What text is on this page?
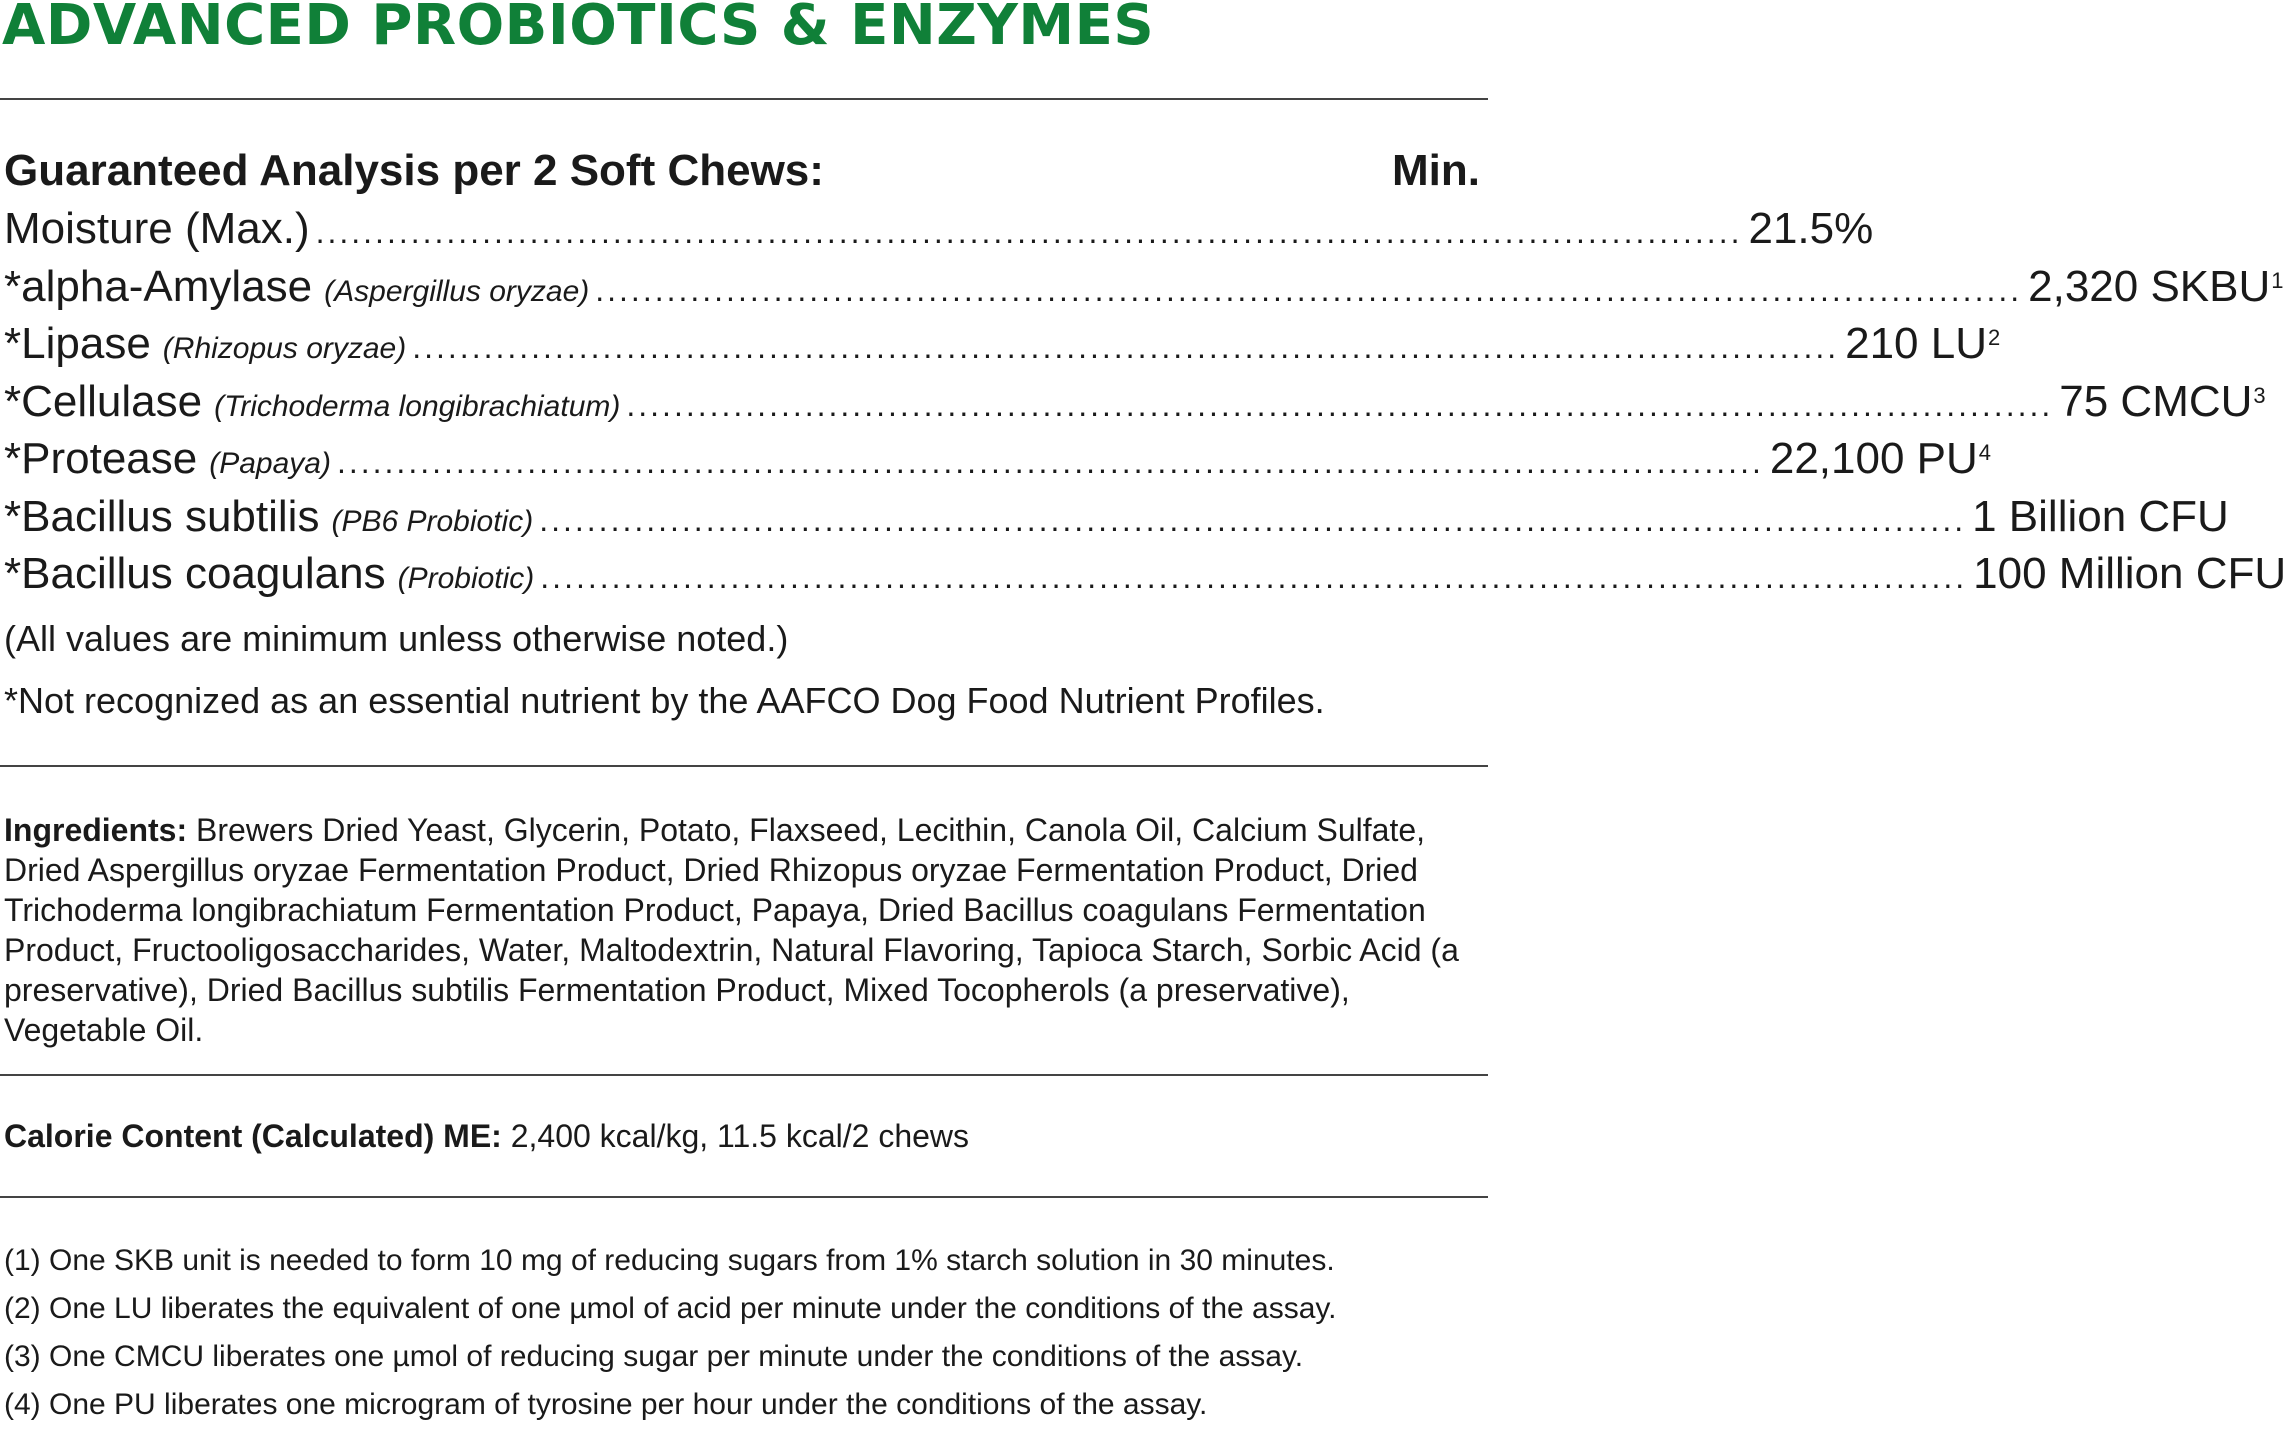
ADVANCED PROBIOTICS & ENZYMES
Guaranteed Analysis per 2 Soft Chews:	Min.
Moisture (Max.) ........................................................................................................................ 21.5%
*alpha-Amylase (Aspergillus oryzae) ........................................................................................................................ 2,320 SKBU$^1$
*Lipase (Rhizopus oryzae) ........................................................................................................................ 210 $LU^2$
*Cellulase (Trichoderma longibrachiatum) ........................................................................................................................ 75 CMCU$^3$
*Protease (Papaya) ........................................................................................................................ 22,100 $PU^4$
*Bacillus subtilis (PB6 Probiotic) ........................................................................................................................ 1 Billion CFU
*Bacillus coagulans (Probiotic) ........................................................................................................................ 100 Million CFU
(All values are minimum unless otherwise noted.)
*Not recognized as an essential nutrient by the AAFCO Dog Food Nutrient Profiles.

Ingredients: Brewers Dried Yeast, Glycerin, Potato, Flaxseed, Lecithin, Canola Oil, Calcium Sulfate, Dried Aspergillus oryzae Fermentation Product, Dried Rhizopus oryzae Fermentation Product, Dried Trichoderma longibrachiatum Fermentation Product, Papaya, Dried Bacillus coagulans Fermentation Product, Fructooligosaccharides, Water, Maltodextrin, Natural Flavoring, Tapioca Starch, Sorbic Acid (a preservative), Dried Bacillus subtilis Fermentation Product, Mixed Tocopherols (a preservative), Vegetable Oil.

Calorie Content (Calculated) ME: 2,400 kcal/kg, 11.5 kcal/2 chews
(1) One SKB unit is needed to form 10 mg of reducing sugars from 1% starch solution in 30 minutes.
(2) One LU liberates the equivalent of one µmol of acid per minute under the conditions of the assay.
(3) One CMCU liberates one µmol of reducing sugar per minute under the conditions of the assay.
(4) One PU liberates one microgram of tyrosine per hour under the conditions of the assay.
